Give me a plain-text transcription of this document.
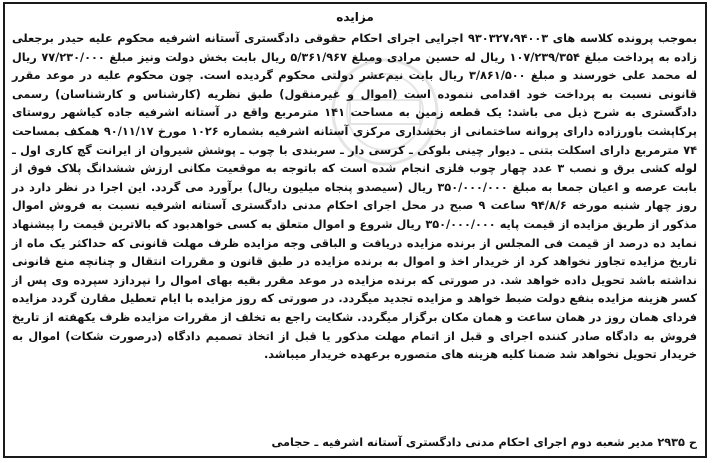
مزایده

بموجب پرونده کلاسه های ۹۳۰۳۲۷،۹۴۰۰۳ اجرایی اجرای احکام حقوقی دادگستری آستانه اشرفیه محکوم علیه حیدر برجعلی زاده به پرداخت مبلغ ۱۰۷/۲۳۹/۳۵۴ ریال له حسین مرادی ومبلغ ۵/۳۶۱/۹۶۷ ریال بابت بخش دولت ونیز مبلغ ۷۷/۲۳۰/۰۰۰ ریال له محمد علی خورسند و مبلغ ۳/۸۶۱/۵۰۰ ریال بابت نیم‌عشر دولتی محکوم گردیده است. چون محکوم علیه در موعد مقرر قانونی نسبت به پرداخت خود اقدامی ننموده است (اموال و غیرمنقول) طبق نظریه (کارشناس و کارشناسان) رسمی دادگستری به شرح ذیل می باشد: یک قطعه زمین به مساحت ۱۴۱ مترمربع واقع در آستانه اشرفیه جاده کیاشهر روستای پرکاپشت باورزاده دارای پروانه ساختمانی از بخشداری مرکزی آستانه اشرفیه بشماره ۱۰۲۶ مورخ ۹۰/۱۱/۱۷ همکف بمساحت ۷۴ مترمربع دارای اسکلت بتنی ـ دیوار چینی بلوکی ـ کرسی دار ـ سربندی با چوب ـ پوشش شیروان از ایرانت گچ کاری اول ـ لوله کشی برق و نصب ۳ عدد چهار چوب فلزی انجام شده است که باتوجه به موقعیت مکانی ارزش ششدانگ پلاک فوق از بابت عرصه و اعیان جمعا به مبلغ ۳۵۰/۰۰۰/۰۰۰ ریال (سیصدو پنجاه میلیون ریال) برآورد می گردد. این اجرا در نظر دارد در روز چهار شنبه مورخه ۹۴/۸/۶ ساعت ۹ صبح در محل اجرای احکام مدنی دادگستری آستانه اشرفیه نسبت به فروش اموال مذکور از طریق مزایده از قیمت پایه ۳۵۰/۰۰۰/۰۰۰ ریال شروع و اموال متعلق به کسی خواهدبود که بالاترین قیمت را پیشنهاد نماید ده درصد از قیمت فی المجلس از برنده مزایده دریافت و الباقی وجه مزایده ظرف مهلت قانونی که حداکثر یک ماه از تاریخ مزایده تجاوز نخواهد کرد از خریدار اخذ و اموال به برنده مزایده در طبق قانون و مقررات انتقال و چنانچه منع قانونی نداشته باشد تحویل داده خواهد شد. در صورتی که برنده مزایده در موعد مقرر بقیه بهای اموال را نپردازد سپرده وی پس از کسر هزینه مزایده بنفع دولت ضبط خواهد و مزایده تجدید میگردد. در صورتی که روز مزایده با ایام تعطیل مقارن گردد مزایده فردای همان روز در همان ساعت و همان مکان برگزار میگردد. شکایت راجع به تخلف از مقررات مزایده ظرف یکهفته از تاریخ فروش به دادگاه صادر کننده اجرای و قبل از اتمام مهلت مذکور یا قبل از اتخاذ تصمیم دادگاه (درصورت شکات) اموال به خریدار تحویل نخواهد شد ضمنا کلیه هزینه های متصوره برعهده خریدار میباشد.

ح ۲۹۳۵ مدیر شعبه دوم اجرای احکام مدنی دادگستری آستانه اشرفیه ـ حجامی
